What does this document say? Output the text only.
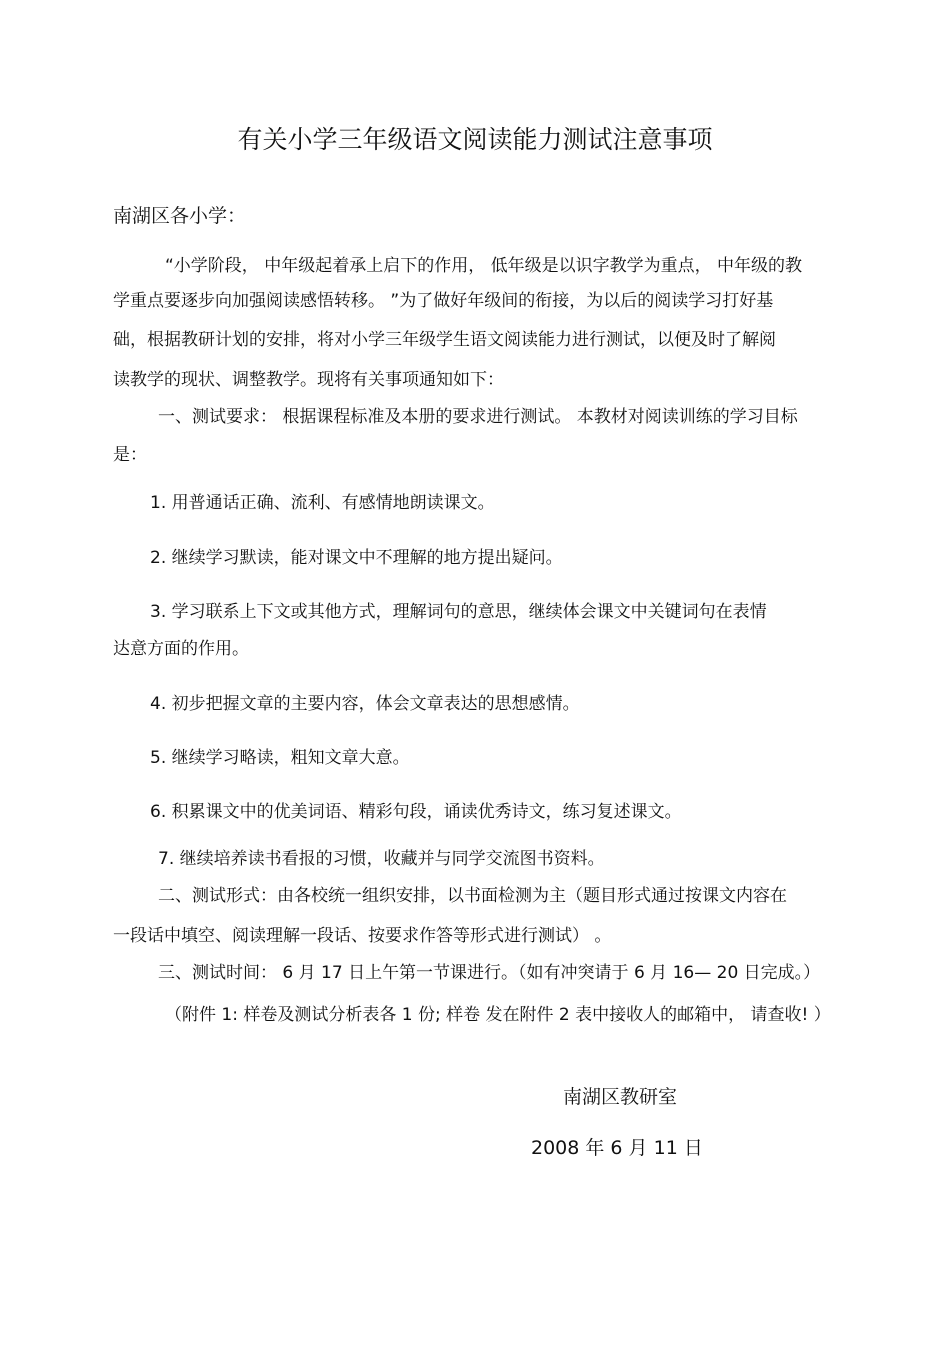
有关小学三年级语文阅读能力测试注意事项
南湖区各小学：
“小学阶段， 中年级起着承上启下的作用， 低年级是以识字教学为重点， 中年级的教
学重点要逐步向加强阅读感悟转移。 ”为了做好年级间的衔接，为以后的阅读学习打好基
础，根据教研计划的安排，将对小学三年级学生语文阅读能力进行测试，以便及时了解阅
读教学的现状、调整教学。现将有关事项通知如下：
一、测试要求： 根据课程标准及本册的要求进行测试。 本教材对阅读训练的学习目标
是：
1. 用普通话正确、流利、有感情地朗读课文。
2. 继续学习默读，能对课文中不理解的地方提出疑问。
3. 学习联系上下文或其他方式，理解词句的意思，继续体会课文中关键词句在表情
达意方面的作用。
4. 初步把握文章的主要内容，体会文章表达的思想感情。
5. 继续学习略读，粗知文章大意。
6. 积累课文中的优美词语、精彩句段，诵读优秀诗文，练习复述课文。
7. 继续培养读书看报的习惯，收藏并与同学交流图书资料。
二、测试形式：由各校统一组织安排，以书面检测为主（题目形式通过按课文内容在
一段话中填空、阅读理解一段话、按要求作答等形式进行测试） 。
三、测试时间： 6 月 17 日上午第一节课进行。（如有冲突请于 6 月 16— 20 日完成。）
（附件 1: 样卷及测试分析表各 1 份; 样卷 发在附件 2 表中接收人的邮箱中， 请查收! ）
南湖区教研室
2008 年 6 月 11 日
